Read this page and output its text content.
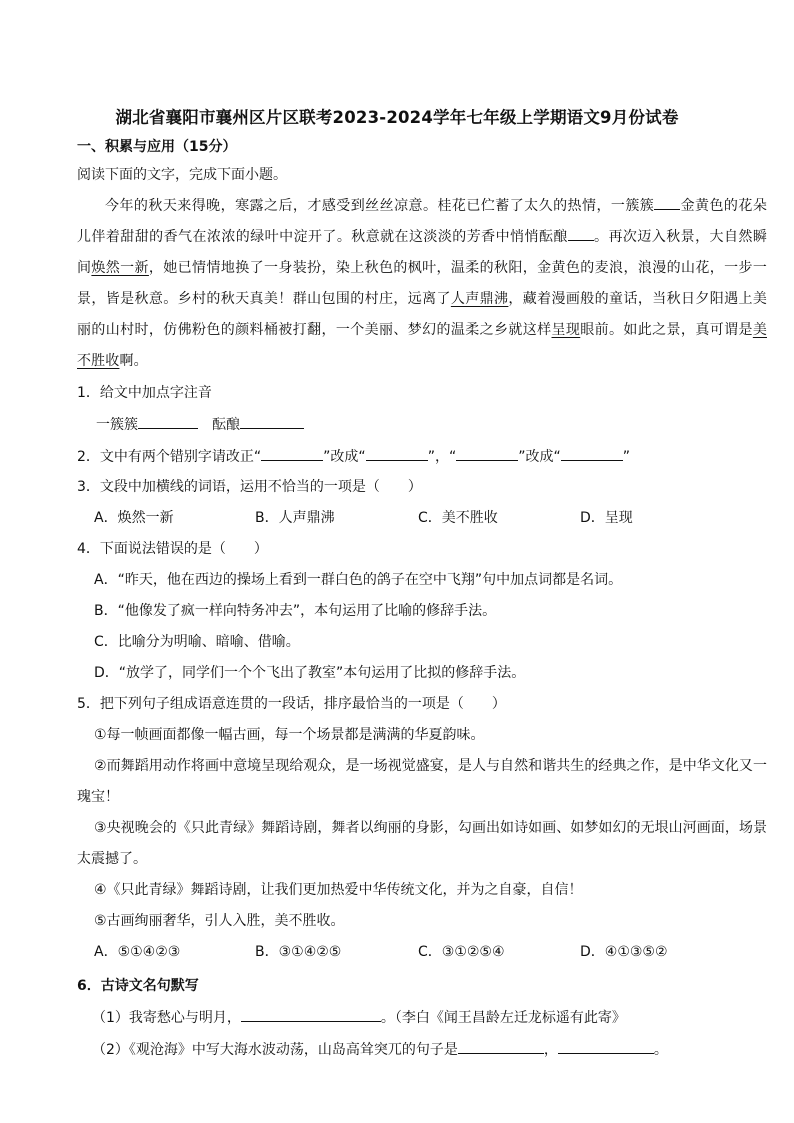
湖北省襄阳市襄州区片区联考2023-2024学年七年级上学期语文9月份试卷
一、积累与应用（15分）
阅读下面的文字，完成下面小题。
今年的秋天来得晚，寒露之后，才感受到丝丝凉意。桂花已伫蓄了太久的热情，一簇簇 金黄色的花朵儿伴着甜甜的香气在浓浓的绿叶中淀开了。秋意就在这淡淡的芳香中悄悄酝酿 。再次迈入秋景，大自然瞬间焕然一新，她已情情地换了一身装扮，染上秋色的枫叶，温柔的秋阳，金黄色的麦浪，浪漫的山花，一步一景，皆是秋意。乡村的秋天真美！群山包围的村庄，远离了人声鼎沸，藏着漫画般的童话，当秋日夕阳遇上美丽的山村时，仿佛粉色的颜料桶被打翻，一个美丽、梦幻的温柔之乡就这样呈现眼前。如此之景，真可谓是美不胜收啊。
1．给文中加点字注音
一簇簇	酝酿
2．文中有两个错别字请改正“	”改成“	”，“	”改成“	”
3．文段中加横线的词语，运用不恰当的一项是（　　）
A．焕然一新	B．人声鼎沸	C．美不胜收	D．呈现
4．下面说法错误的是（　　）
A．“昨天，他在西边的操场上看到一群白色的鸽子在空中飞翔”句中加点词都是名词。
B．“他像发了疯一样向特务冲去”，本句运用了比喻的修辞手法。
C．比喻分为明喻、暗喻、借喻。
D．“放学了，同学们一个个飞出了教室”本句运用了比拟的修辞手法。
5．把下列句子组成语意连贯的一段话，排序最恰当的一项是（　　）
①每一帧画面都像一幅古画，每一个场景都是满满的华夏韵味。
②而舞蹈用动作将画中意境呈现给观众，是一场视觉盛宴，是人与自然和谐共生的经典之作，是中华文化又一瑰宝！
③央视晚会的《只此青绿》舞蹈诗剧，舞者以绚丽的身影，勾画出如诗如画、如梦如幻的无垠山河画面，场景太震撼了。
④《只此青绿》舞蹈诗剧，让我们更加热爱中华传统文化，并为之自豪，自信！
⑤古画绚丽奢华，引人入胜，美不胜收。
A．⑤①④②③	B．③①④②⑤	C．③①②⑤④	D．④①③⑤②
6．古诗文名句默写
（1）我寄愁心与明月，	。（李白《闻王昌龄左迁龙标遥有此寄》
（2）《观沧海》中写大海水波动荡，山岛高耸突兀的句子是	，	。
